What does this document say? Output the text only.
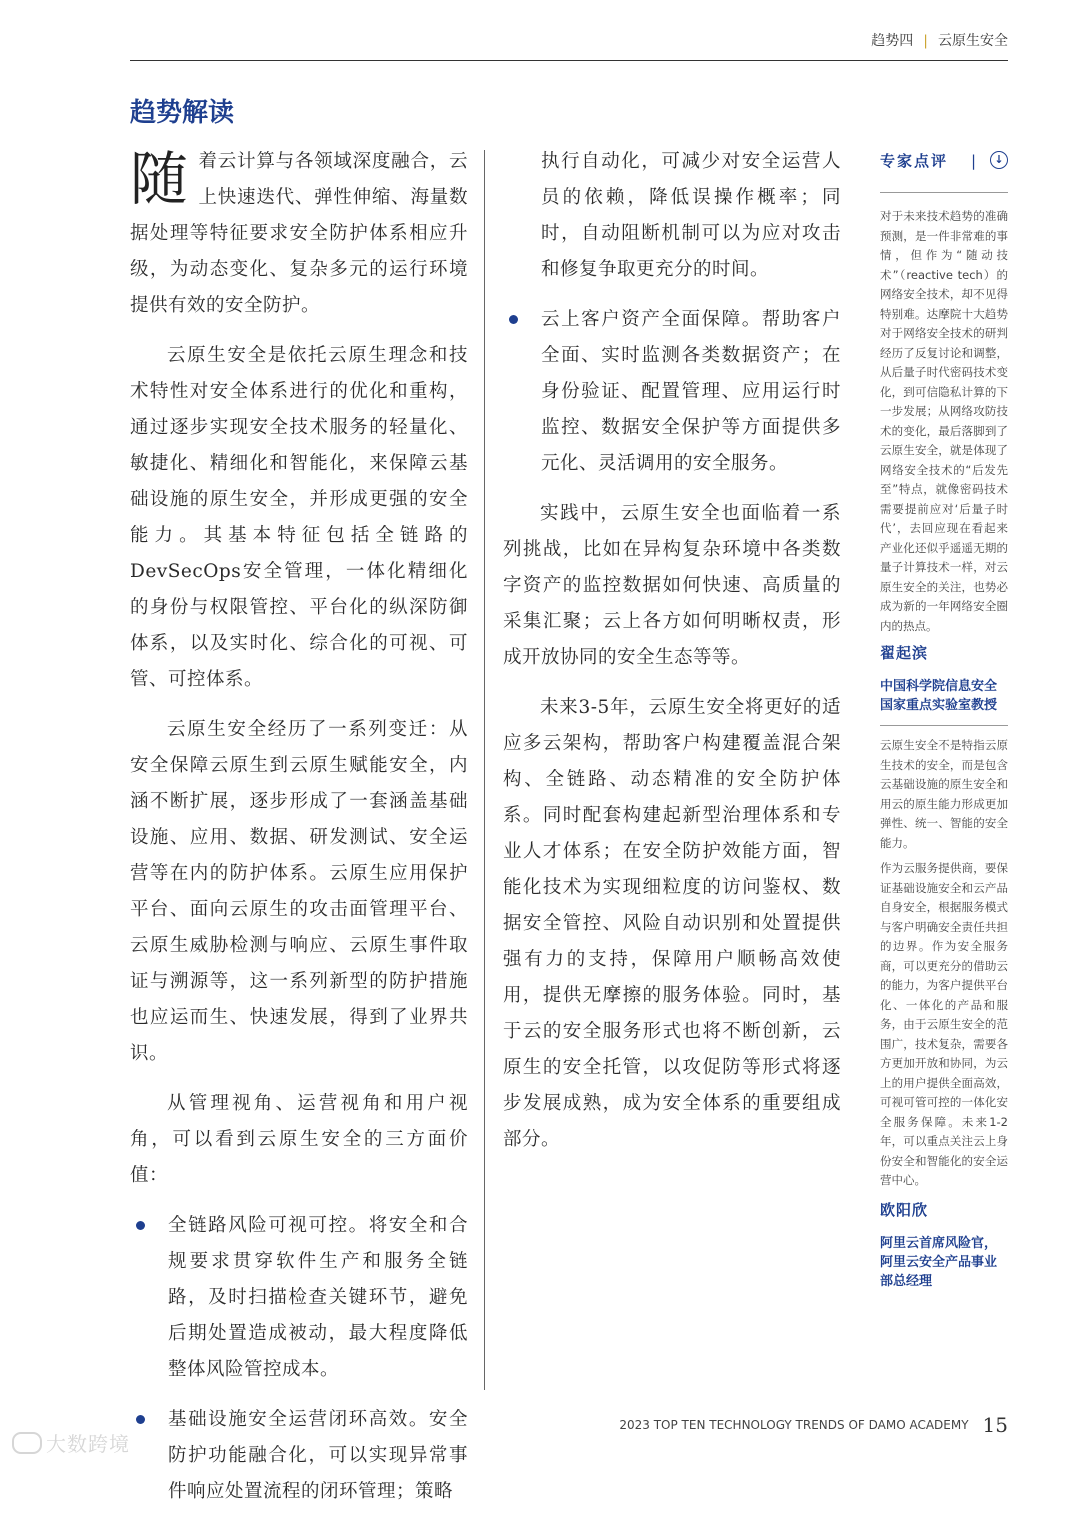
趋势四 | 云原生安全
趋势解读

随着云计算与各领域深度融合，云上快速迭代、弹性伸缩、海量数据处理等特征要求安全防护体系相应升级，为动态变化、复杂多元的运行环境提供有效的安全防护。

云原生安全是依托云原生理念和技术特性对安全体系进行的优化和重构，通过逐步实现安全技术服务的轻量化、敏捷化、精细化和智能化，来保障云基础设施的原生安全，并形成更强的安全能力。其基本特征包括全链路的DevSecOps安全管理，一体化精细化的身份与权限管控、平台化的纵深防御体系，以及实时化、综合化的可视、可管、可控体系。

云原生安全经历了一系列变迁：从安全保障云原生到云原生赋能安全，内涵不断扩展，逐步形成了一套涵盖基础设施、应用、数据、研发测试、安全运营等在内的防护体系。云原生应用保护平台、面向云原生的攻击面管理平台、云原生威胁检测与响应、云原生事件取证与溯源等，这一系列新型的防护措施也应运而生、快速发展，得到了业界共识。

从管理视角、运营视角和用户视角，可以看到云原生安全的三方面价值：

全链路风险可视可控。将安全和合规要求贯穿软件生产和服务全链路，及时扫描检查关键环节，避免后期处置造成被动，最大程度降低整体风险管控成本。
基础设施安全运营闭环高效。安全防护功能融合化，可以实现异常事件响应处置流程的闭环管理；策略

执行自动化，可减少对安全运营人员的依赖，降低误操作概率；同时，自动阻断机制可以为应对攻击和修复争取更充分的时间。

云上客户资产全面保障。帮助客户全面、实时监测各类数据资产；在身份验证、配置管理、应用运行时监控、数据安全保护等方面提供多元化、灵活调用的安全服务。

实践中，云原生安全也面临着一系列挑战，比如在异构复杂环境中各类数字资产的监控数据如何快速、高质量的采集汇聚；云上各方如何明晰权责，形成开放协同的安全生态等等。

未来3-5年，云原生安全将更好的适应多云架构，帮助客户构建覆盖混合架构、全链路、动态精准的安全防护体系。同时配套构建起新型治理体系和专业人才体系；在安全防护效能方面，智能化技术为实现细粒度的访问鉴权、数据安全管控、风险自动识别和处置提供强有力的支持，保障用户顺畅高效使用，提供无摩擦的服务体验。同时，基于云的安全服务形式也将不断创新，云原生的安全托管，以攻促防等形式将逐步发展成熟，成为安全体系的重要组成部分。

专家点评 |	↓

对于未来技术趋势的准确预测，是一件非常难的事情，但作为“随动技术”（reactive tech）的网络安全技术，却不见得特别难。达摩院十大趋势对于网络安全技术的研判经历了反复讨论和调整，从后量子时代密码技术变化，到可信隐私计算的下一步发展；从网络攻防技术的变化，最后落脚到了云原生安全，就是体现了网络安全技术的“后发先至”特点，就像密码技术需要提前应对‘后量子时代’，去回应现在看起来产业化还似乎遥遥无期的量子计算技术一样，对云原生安全的关注，也势必成为新的一年网络安全圈内的热点。

翟起滨

中国科学院信息安全国家重点实验室教授

云原生安全不是特指云原生技术的安全，而是包含云基础设施的原生安全和用云的原生能力形成更加弹性、统一、智能的安全能力。

作为云服务提供商，要保证基础设施安全和云产品自身安全，根据服务模式与客户明确安全责任共担的边界。作为安全服务商，可以更充分的借助云的能力，为客户提供平台化、一体化的产品和服务，由于云原生安全的范围广，技术复杂，需要各方更加开放和协同，为云上的用户提供全面高效，可视可管可控的一体化安全服务保障。未来1-2年，可以重点关注云上身份安全和智能化的安全运营中心。

欧阳欣

阿里云首席风险官，阿里云安全产品事业部总经理

2023 TOP TEN TECHNOLOGY TRENDS OF DAMO ACADEMY 15
大数跨境
